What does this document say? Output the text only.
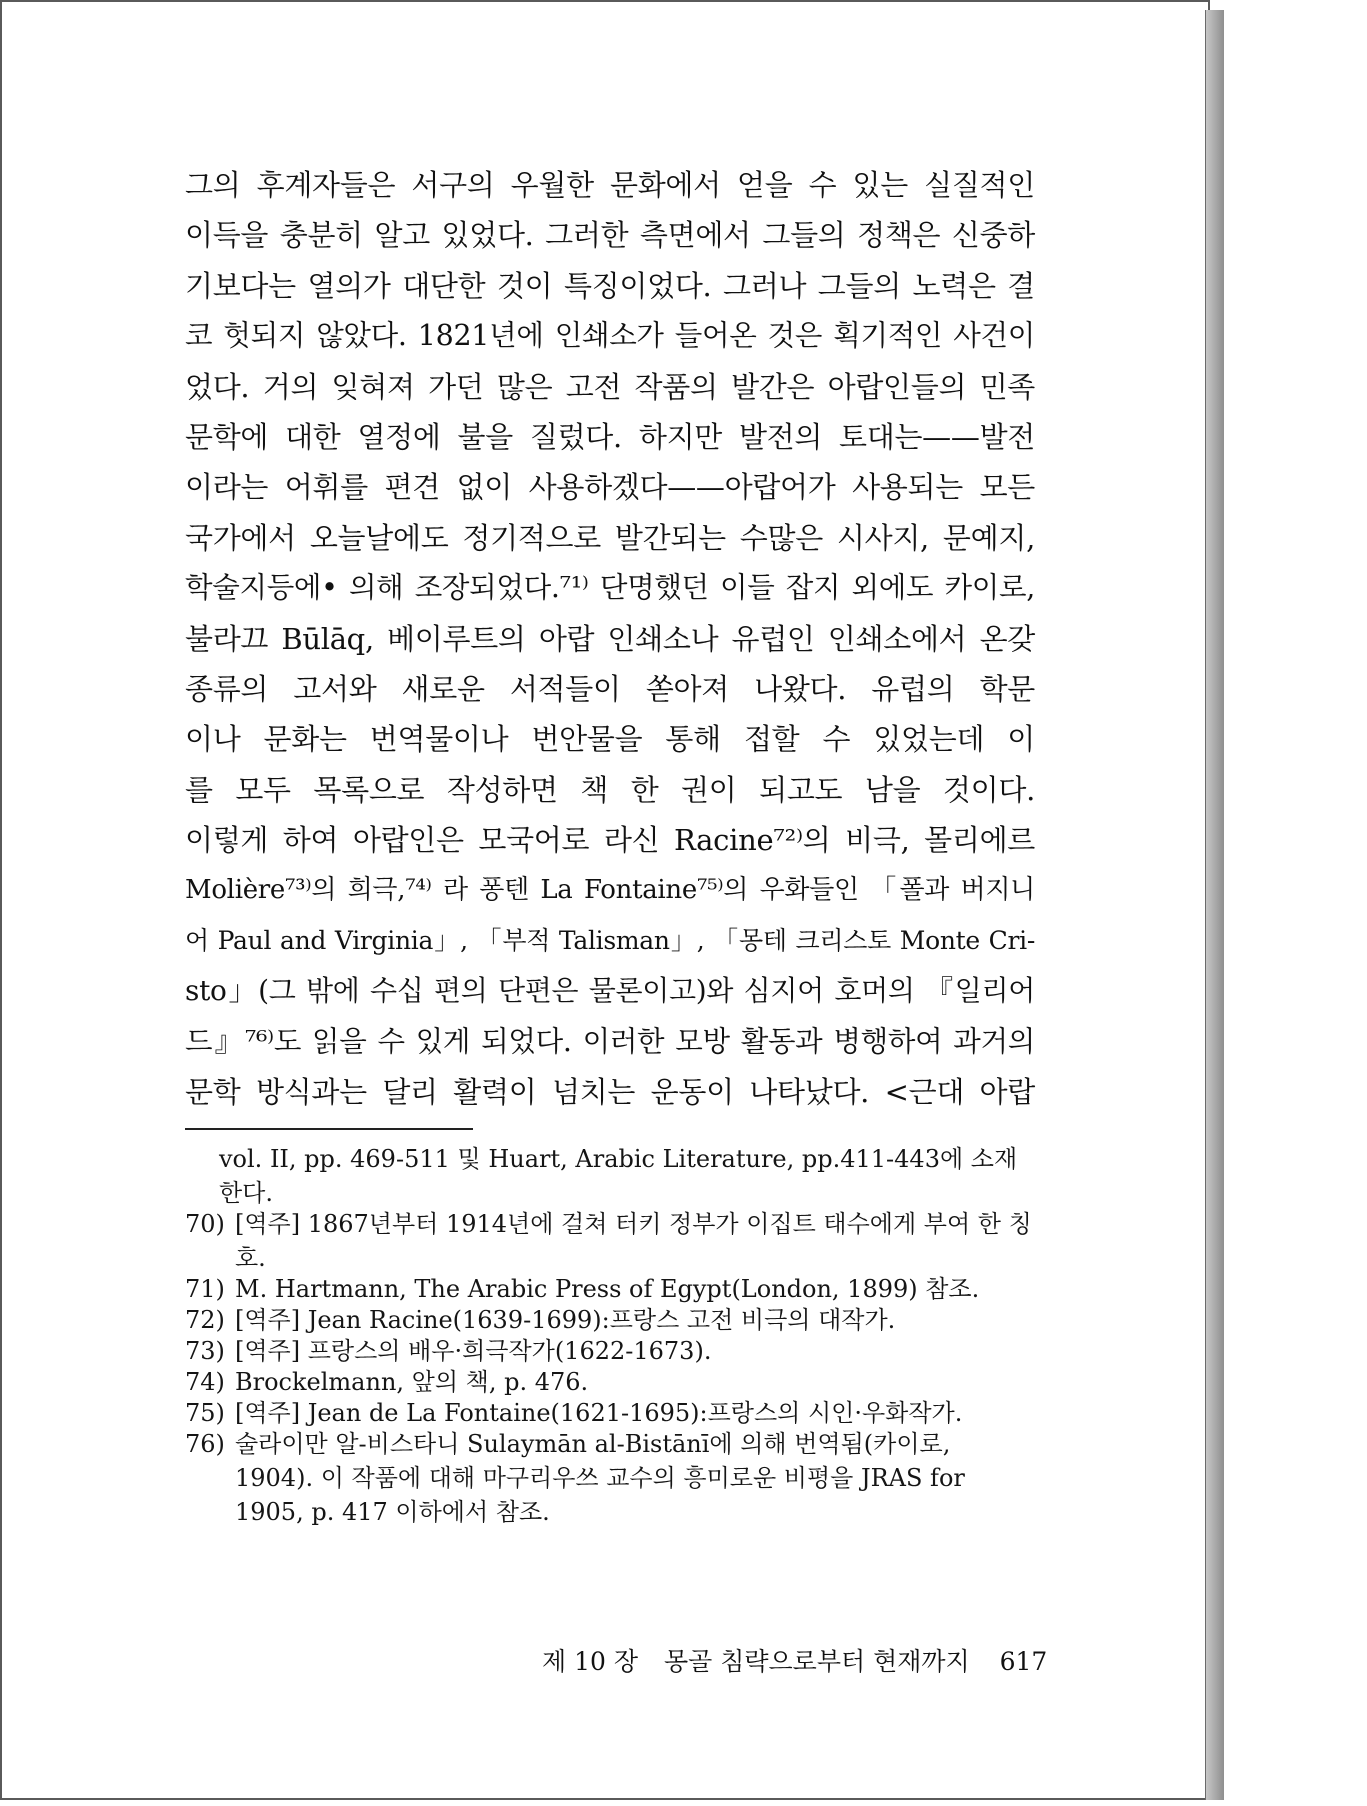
그의 후계자들은 서구의 우월한 문화에서 얻을 수 있는 실질적인
이득을 충분히 알고 있었다. 그러한 측면에서 그들의 정책은 신중하
기보다는 열의가 대단한 것이 특징이었다. 그러나 그들의 노력은 결
코 헛되지 않았다. 1821년에 인쇄소가 들어온 것은 획기적인 사건이
었다. 거의 잊혀져 가던 많은 고전 작품의 발간은 아랍인들의 민족
문학에 대한 열정에 불을 질렀다. 하지만 발전의 토대는——발전
이라는 어휘를 편견 없이 사용하겠다——아랍어가 사용되는 모든
국가에서 오늘날에도 정기적으로 발간되는 수많은 시사지, 문예지,
학술지등에• 의해 조장되었다.⁷¹⁾ 단명했던 이들 잡지 외에도 카이로,
불라끄 Būlāq, 베이루트의 아랍 인쇄소나 유럽인 인쇄소에서 온갖
종류의 고서와 새로운 서적들이 쏟아져 나왔다. 유럽의 학문
이나 문화는 번역물이나 번안물을 통해 접할 수 있었는데 이
를 모두 목록으로 작성하면 책 한 권이 되고도 남을 것이다.
이렇게 하여 아랍인은 모국어로 라신 Racine⁷²⁾의 비극, 몰리에르
Molière⁷³⁾의 희극,⁷⁴⁾ 라 퐁텐 La Fontaine⁷⁵⁾의 우화들인 「폴과 버지니
어 Paul and Virginia」, 「부적 Talisman」, 「몽테 크리스토 Monte Cri-
sto」(그 밖에 수십 편의 단편은 물론이고)와 심지어 호머의 『일리어
드』⁷⁶⁾도 읽을 수 있게 되었다. 이러한 모방 활동과 병행하여 과거의
문학 방식과는 달리 활력이 넘치는 운동이 나타났다. <근대 아랍
vol. II, pp. 469-511 및 Huart, Arabic Literature, pp.411-443에 소재 한다.
70) [역주] 1867년부터 1914년에 걸쳐 터키 정부가 이집트 태수에게 부여 한 칭호.
71) M. Hartmann, The Arabic Press of Egypt(London, 1899) 참조.
72) [역주] Jean Racine(1639-1699):프랑스 고전 비극의 대작가.
73) [역주] 프랑스의 배우·희극작가(1622-1673).
74) Brockelmann, 앞의 책, p. 476.
75) [역주] Jean de La Fontaine(1621-1695):프랑스의 시인·우화작가.
76) 술라이만 알-비스타니 Sulaymān al-Bistānī에 의해 번역됨(카이로, 1904). 이 작품에 대해 마구리우쓰 교수의 흥미로운 비평을 JRAS for 1905, p. 417 이하에서 참조.
제 10 장 몽골 침략으로부터 현재까지 617
